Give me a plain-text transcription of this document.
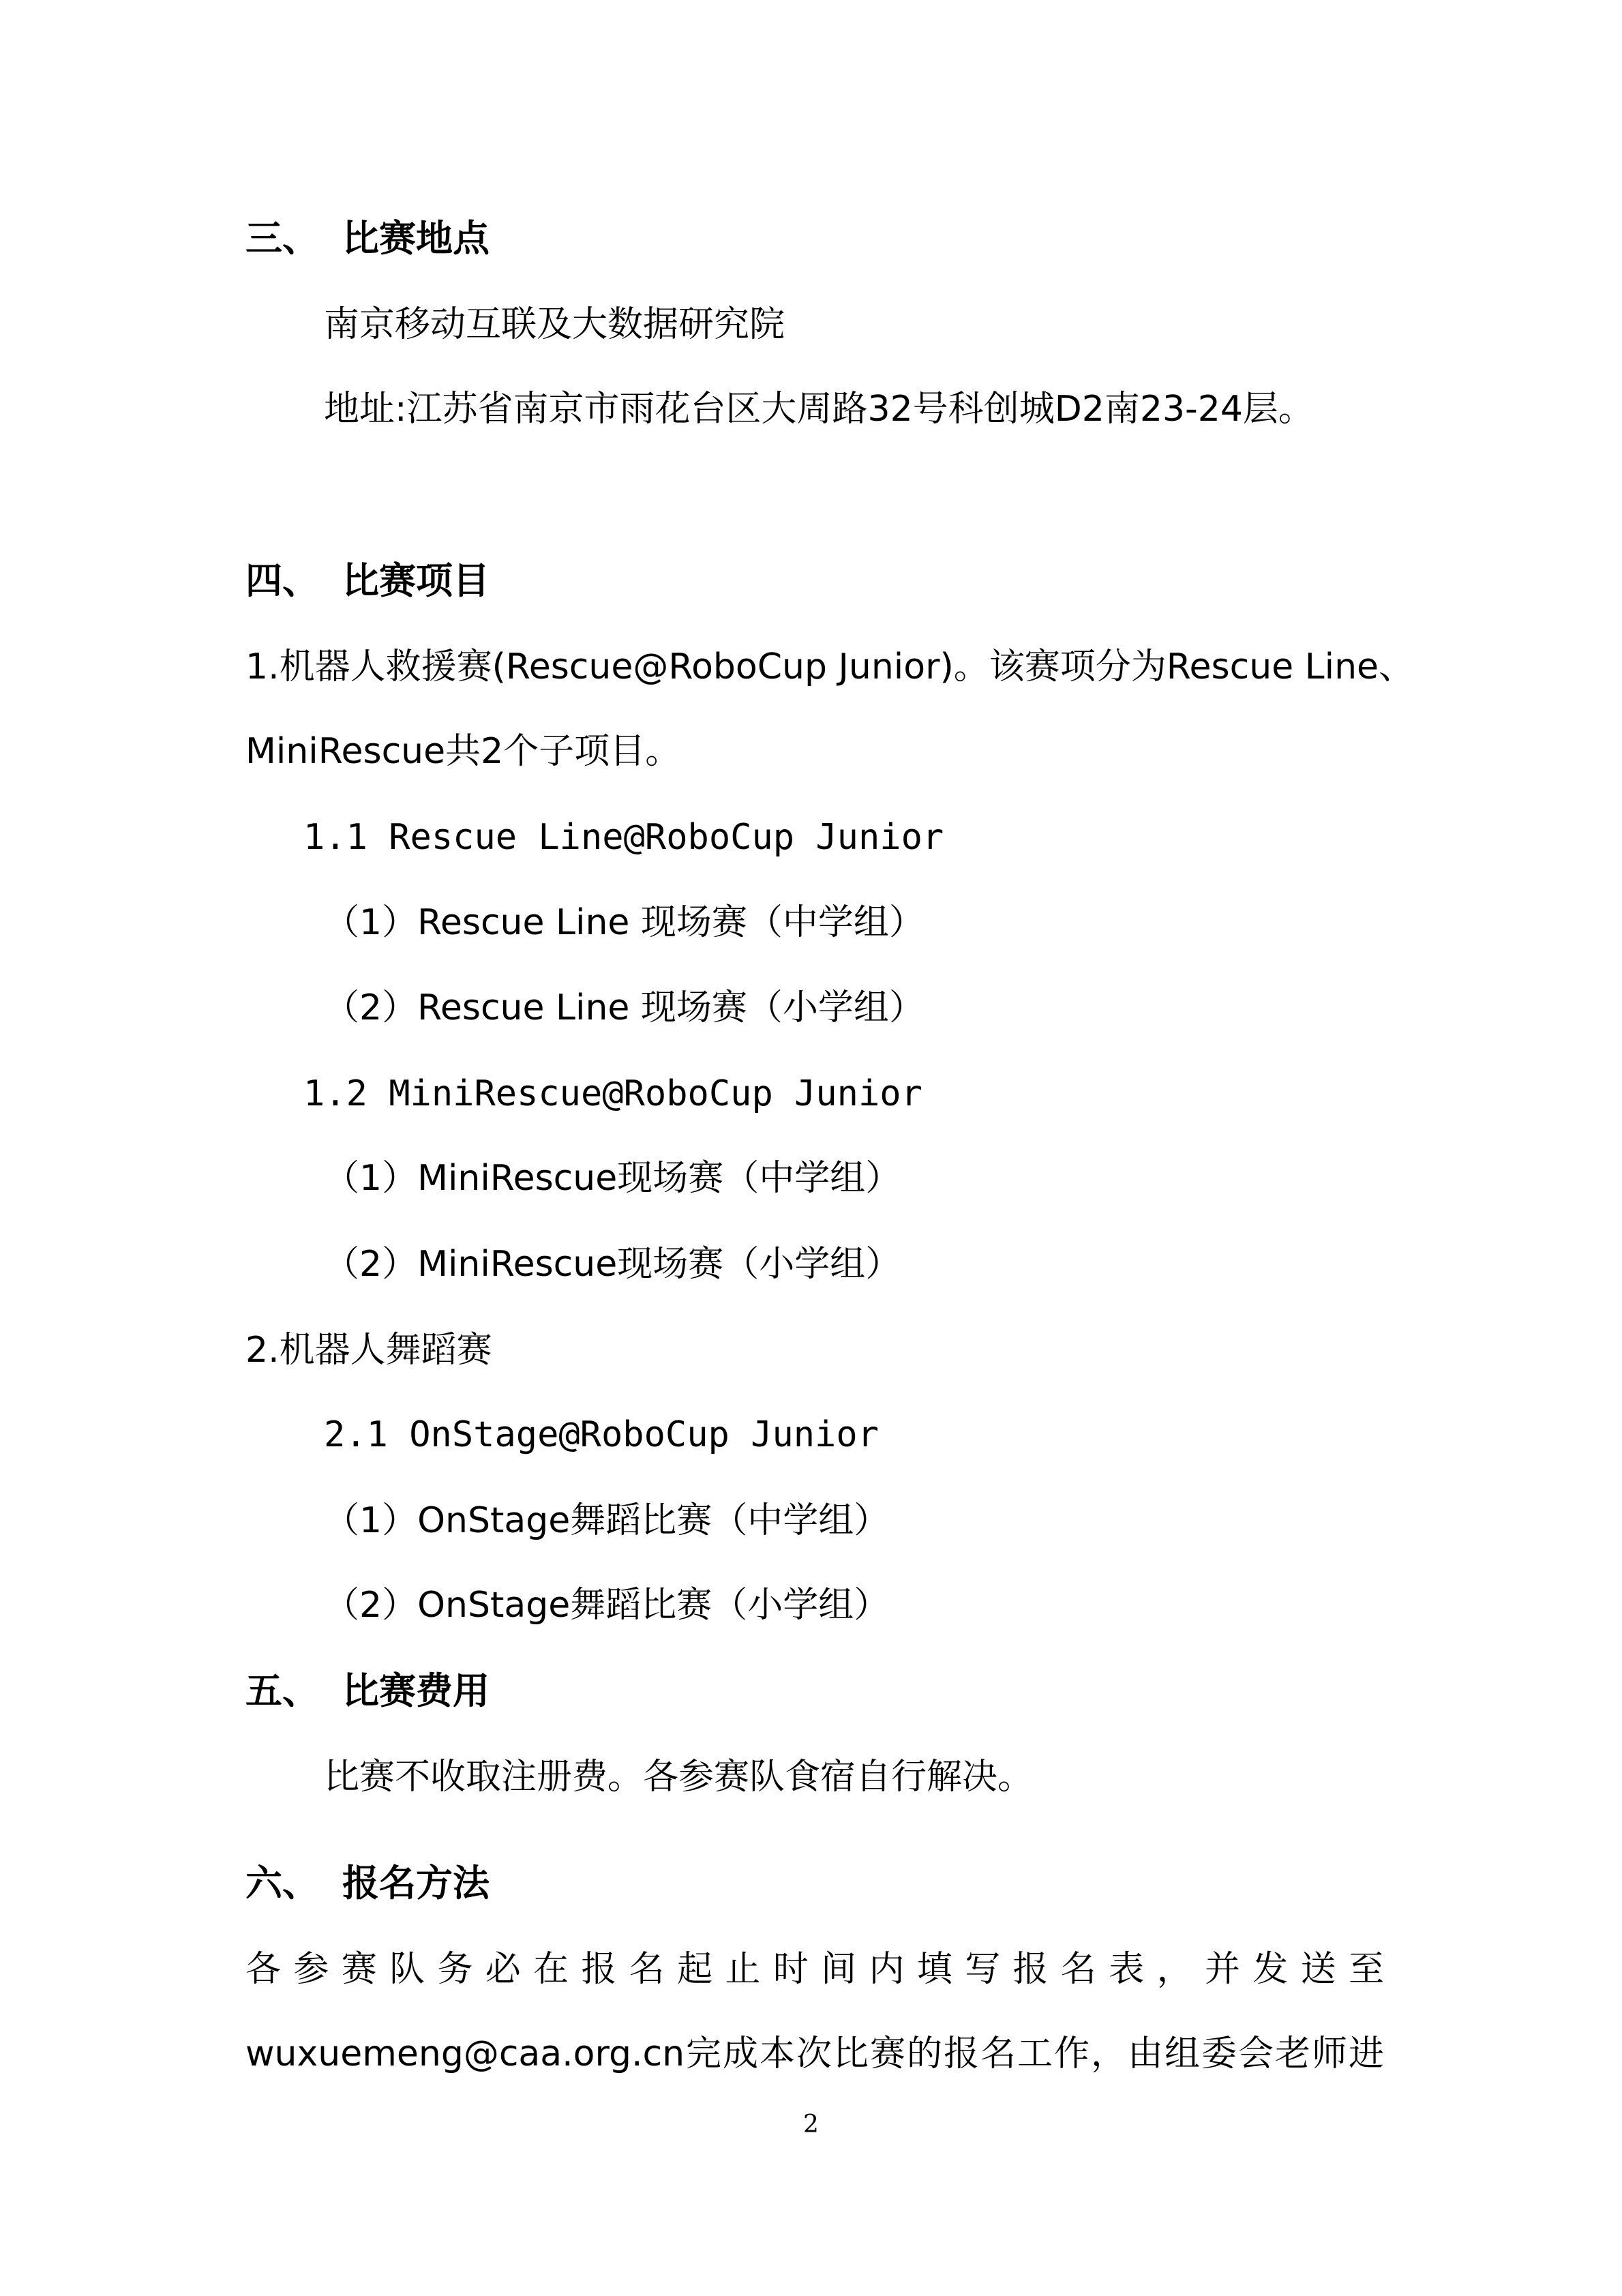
三、 比赛地点
南京移动互联及大数据研究院
地址:江苏省南京市雨花台区大周路32号科创城D2南23-24层。
四、 比赛项目
1.机器人救援赛(Rescue@RoboCup Junior)。该赛项分为Rescue Line、
MiniRescue共2个子项目。
1.1 Rescue Line@RoboCup Junior
（1）Rescue Line 现场赛（中学组）
（2）Rescue Line 现场赛（小学组）
1.2 MiniRescue@RoboCup Junior
（1）MiniRescue现场赛（中学组）
（2）MiniRescue现场赛（小学组）
2.机器人舞蹈赛
2.1 OnStage@RoboCup Junior
（1）OnStage舞蹈比赛（中学组）
（2）OnStage舞蹈比赛（小学组）
五、 比赛费用
比赛不收取注册费。各参赛队食宿自行解决。
六、 报名方法
各参赛队务必在报名起止时间内填写报名表，并发送至
wuxuemeng@caa.org.cn完成本次比赛的报名工作，由组委会老师进
2
